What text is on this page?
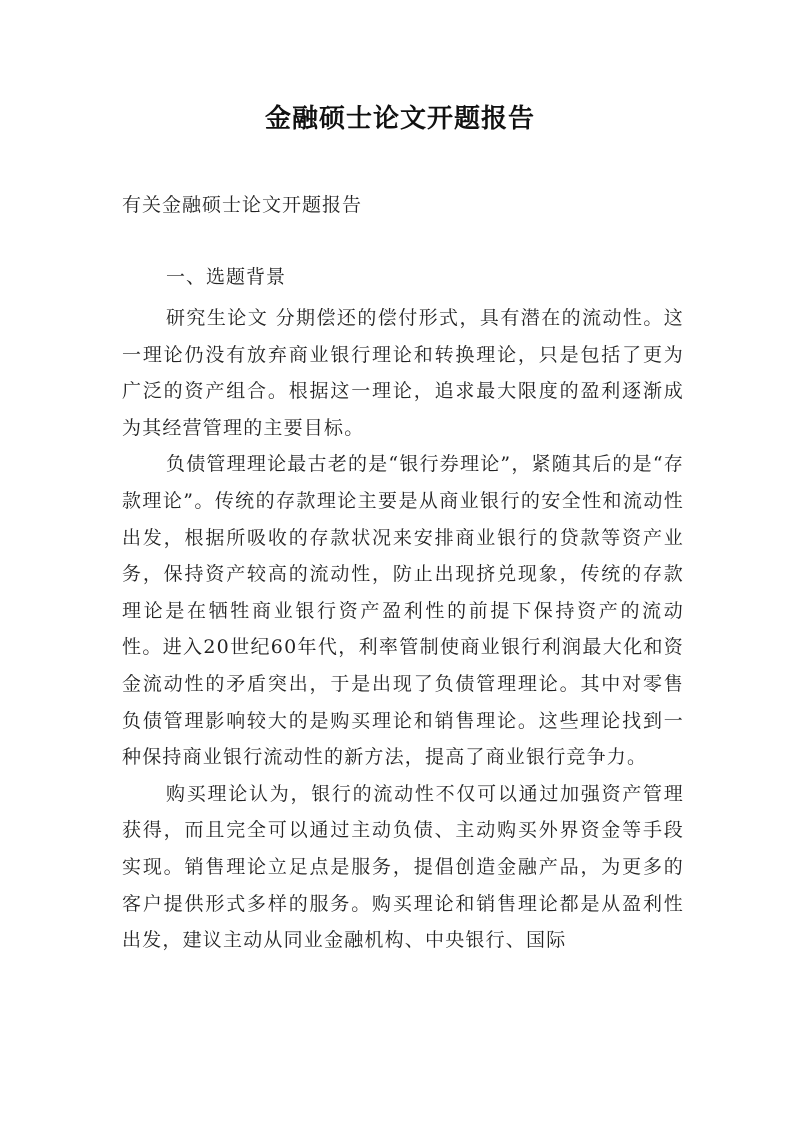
金融硕士论文开题报告
有关金融硕士论文开题报告
一、选题背景

研究生论文 分期偿还的偿付形式，具有潜在的流动性。这一理论仍没有放弃商业银行理论和转换理论，只是包括了更为广泛的资产组合。根据这一理论，追求最大限度的盈利逐渐成为其经营管理的主要目标。

负债管理理论最古老的是“银行券理论”，紧随其后的是“存款理论”。传统的存款理论主要是从商业银行的安全性和流动性出发，根据所吸收的存款状况来安排商业银行的贷款等资产业务，保持资产较高的流动性，防止出现挤兑现象，传统的存款理论是在牺牲商业银行资产盈利性的前提下保持资产的流动性。进入20世纪60年代，利率管制使商业银行利润最大化和资金流动性的矛盾突出，于是出现了负债管理理论。其中对零售负债管理影响较大的是购买理论和销售理论。这些理论找到一种保持商业银行流动性的新方法，提高了商业银行竞争力。

购买理论认为，银行的流动性不仅可以通过加强资产管理获得，而且完全可以通过主动负债、主动购买外界资金等手段实现。销售理论立足点是服务，提倡创造金融产品，为更多的客户提供形式多样的服务。购买理论和销售理论都是从盈利性出发，建议主动从同业金融机构、中央银行、国际
